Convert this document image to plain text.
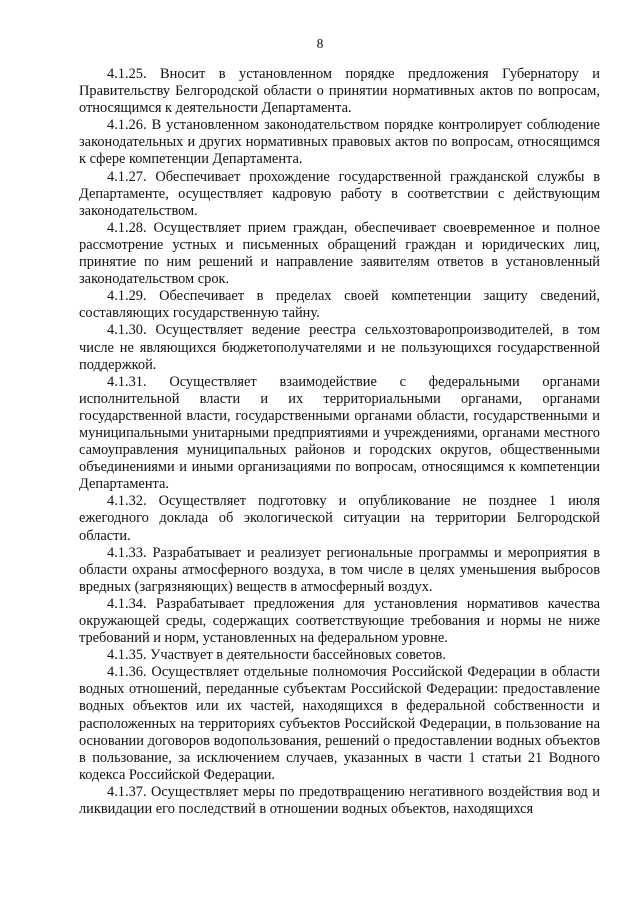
8

4.1.25. Вносит в установленном порядке предложения Губернатору и Правительству Белгородской области о принятии нормативных актов по вопросам, относящимся к деятельности Департамента.

4.1.26. В установленном законодательством порядке контролирует соблюдение законодательных и других нормативных правовых актов по вопросам, относящимся к сфере компетенции Департамента.

4.1.27. Обеспечивает прохождение государственной гражданской службы в Департаменте, осуществляет кадровую работу в соответствии с действующим законодательством.

4.1.28. Осуществляет прием граждан, обеспечивает своевременное и полное рассмотрение устных и письменных обращений граждан и юридических лиц, принятие по ним решений и направление заявителям ответов в установленный законодательством срок.

4.1.29. Обеспечивает в пределах своей компетенции защиту сведений, составляющих государственную тайну.

4.1.30. Осуществляет ведение реестра сельхозтоваропроизводителей, в том числе не являющихся бюджетополучателями и не пользующихся государственной поддержкой.

4.1.31. Осуществляет взаимодействие с федеральными органами исполнительной власти и их территориальными органами, органами государственной власти, государственными органами области, государственными и муниципальными унитарными предприятиями и учреждениями, органами местного самоуправления муниципальных районов и городских округов, общественными объединениями и иными организациями по вопросам, относящимся к компетенции Департамента.

4.1.32. Осуществляет подготовку и опубликование не позднее 1 июля ежегодного доклада об экологической ситуации на территории Белгородской области.

4.1.33. Разрабатывает и реализует региональные программы и мероприятия в области охраны атмосферного воздуха, в том числе в целях уменьшения выбросов вредных (загрязняющих) веществ в атмосферный воздух.

4.1.34. Разрабатывает предложения для установления нормативов качества окружающей среды, содержащих соответствующие требования и нормы не ниже требований и норм, установленных на федеральном уровне.

4.1.35. Участвует в деятельности бассейновых советов.

4.1.36. Осуществляет отдельные полномочия Российской Федерации в области водных отношений, переданные субъектам Российской Федерации: предоставление водных объектов или их частей, находящихся в федеральной собственности и расположенных на территориях субъектов Российской Федерации, в пользование на основании договоров водопользования, решений о предоставлении водных объектов в пользование, за исключением случаев, указанных в части 1 статьи 21 Водного кодекса Российской Федерации.

4.1.37. Осуществляет меры по предотвращению негативного воздействия вод и ликвидации его последствий в отношении водных объектов, находящихся
